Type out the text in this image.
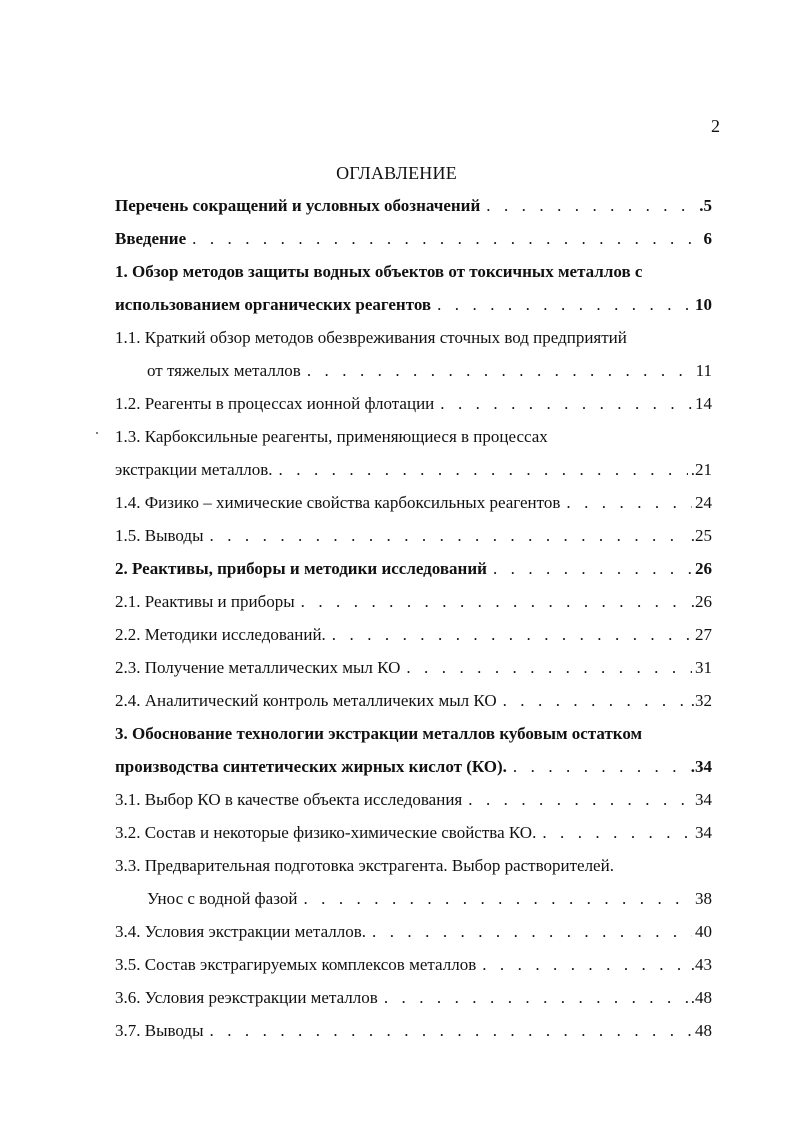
2
ОГЛАВЛЕНИЕ
Перечень сокращений и условных обозначений . . .	.5
Введение . . .	6
1. Обзор методов защиты водных объектов от токсичных металлов с
использованием органических реагентов . . .	10
1.1. Краткий обзор методов обезвреживания сточных вод предприятий
от тяжелых металлов . . .	11
1.2. Реагенты в процессах ионной флотации . . .	14
1.3. Карбоксильные реагенты, применяющиеся в процессах
экстракции металлов. . . .	.21
1.4. Физико – химические свойства карбоксильных реагентов . . .	24
1.5. Выводы . . .	.25
2. Реактивы, приборы и методики исследований . . .	26
2.1. Реактивы и приборы . . .	.26
2.2. Методики исследований. . . .	27
2.3. Получение металлических мыл КО . . .	31
2.4. Аналитический контроль металличеких мыл КО . . .	.32
3. Обоснование технологии экстракции металлов кубовым остатком
производства синтетических жирных кислот (КО). . . .	.34
3.1. Выбор КО в качестве объекта исследования . . .	34
3.2. Состав и некоторые физико-химические свойства КО. . . .	34
3.3. Предварительная подготовка экстрагента. Выбор растворителей.
Унос с водной фазой . . .	38
3.4. Условия экстракции металлов. . . .	40
3.5. Состав экстрагируемых комплексов металлов . . .	.43
3.6. Условия реэкстракции металлов . . .	.48
3.7. Выводы . . .	48
